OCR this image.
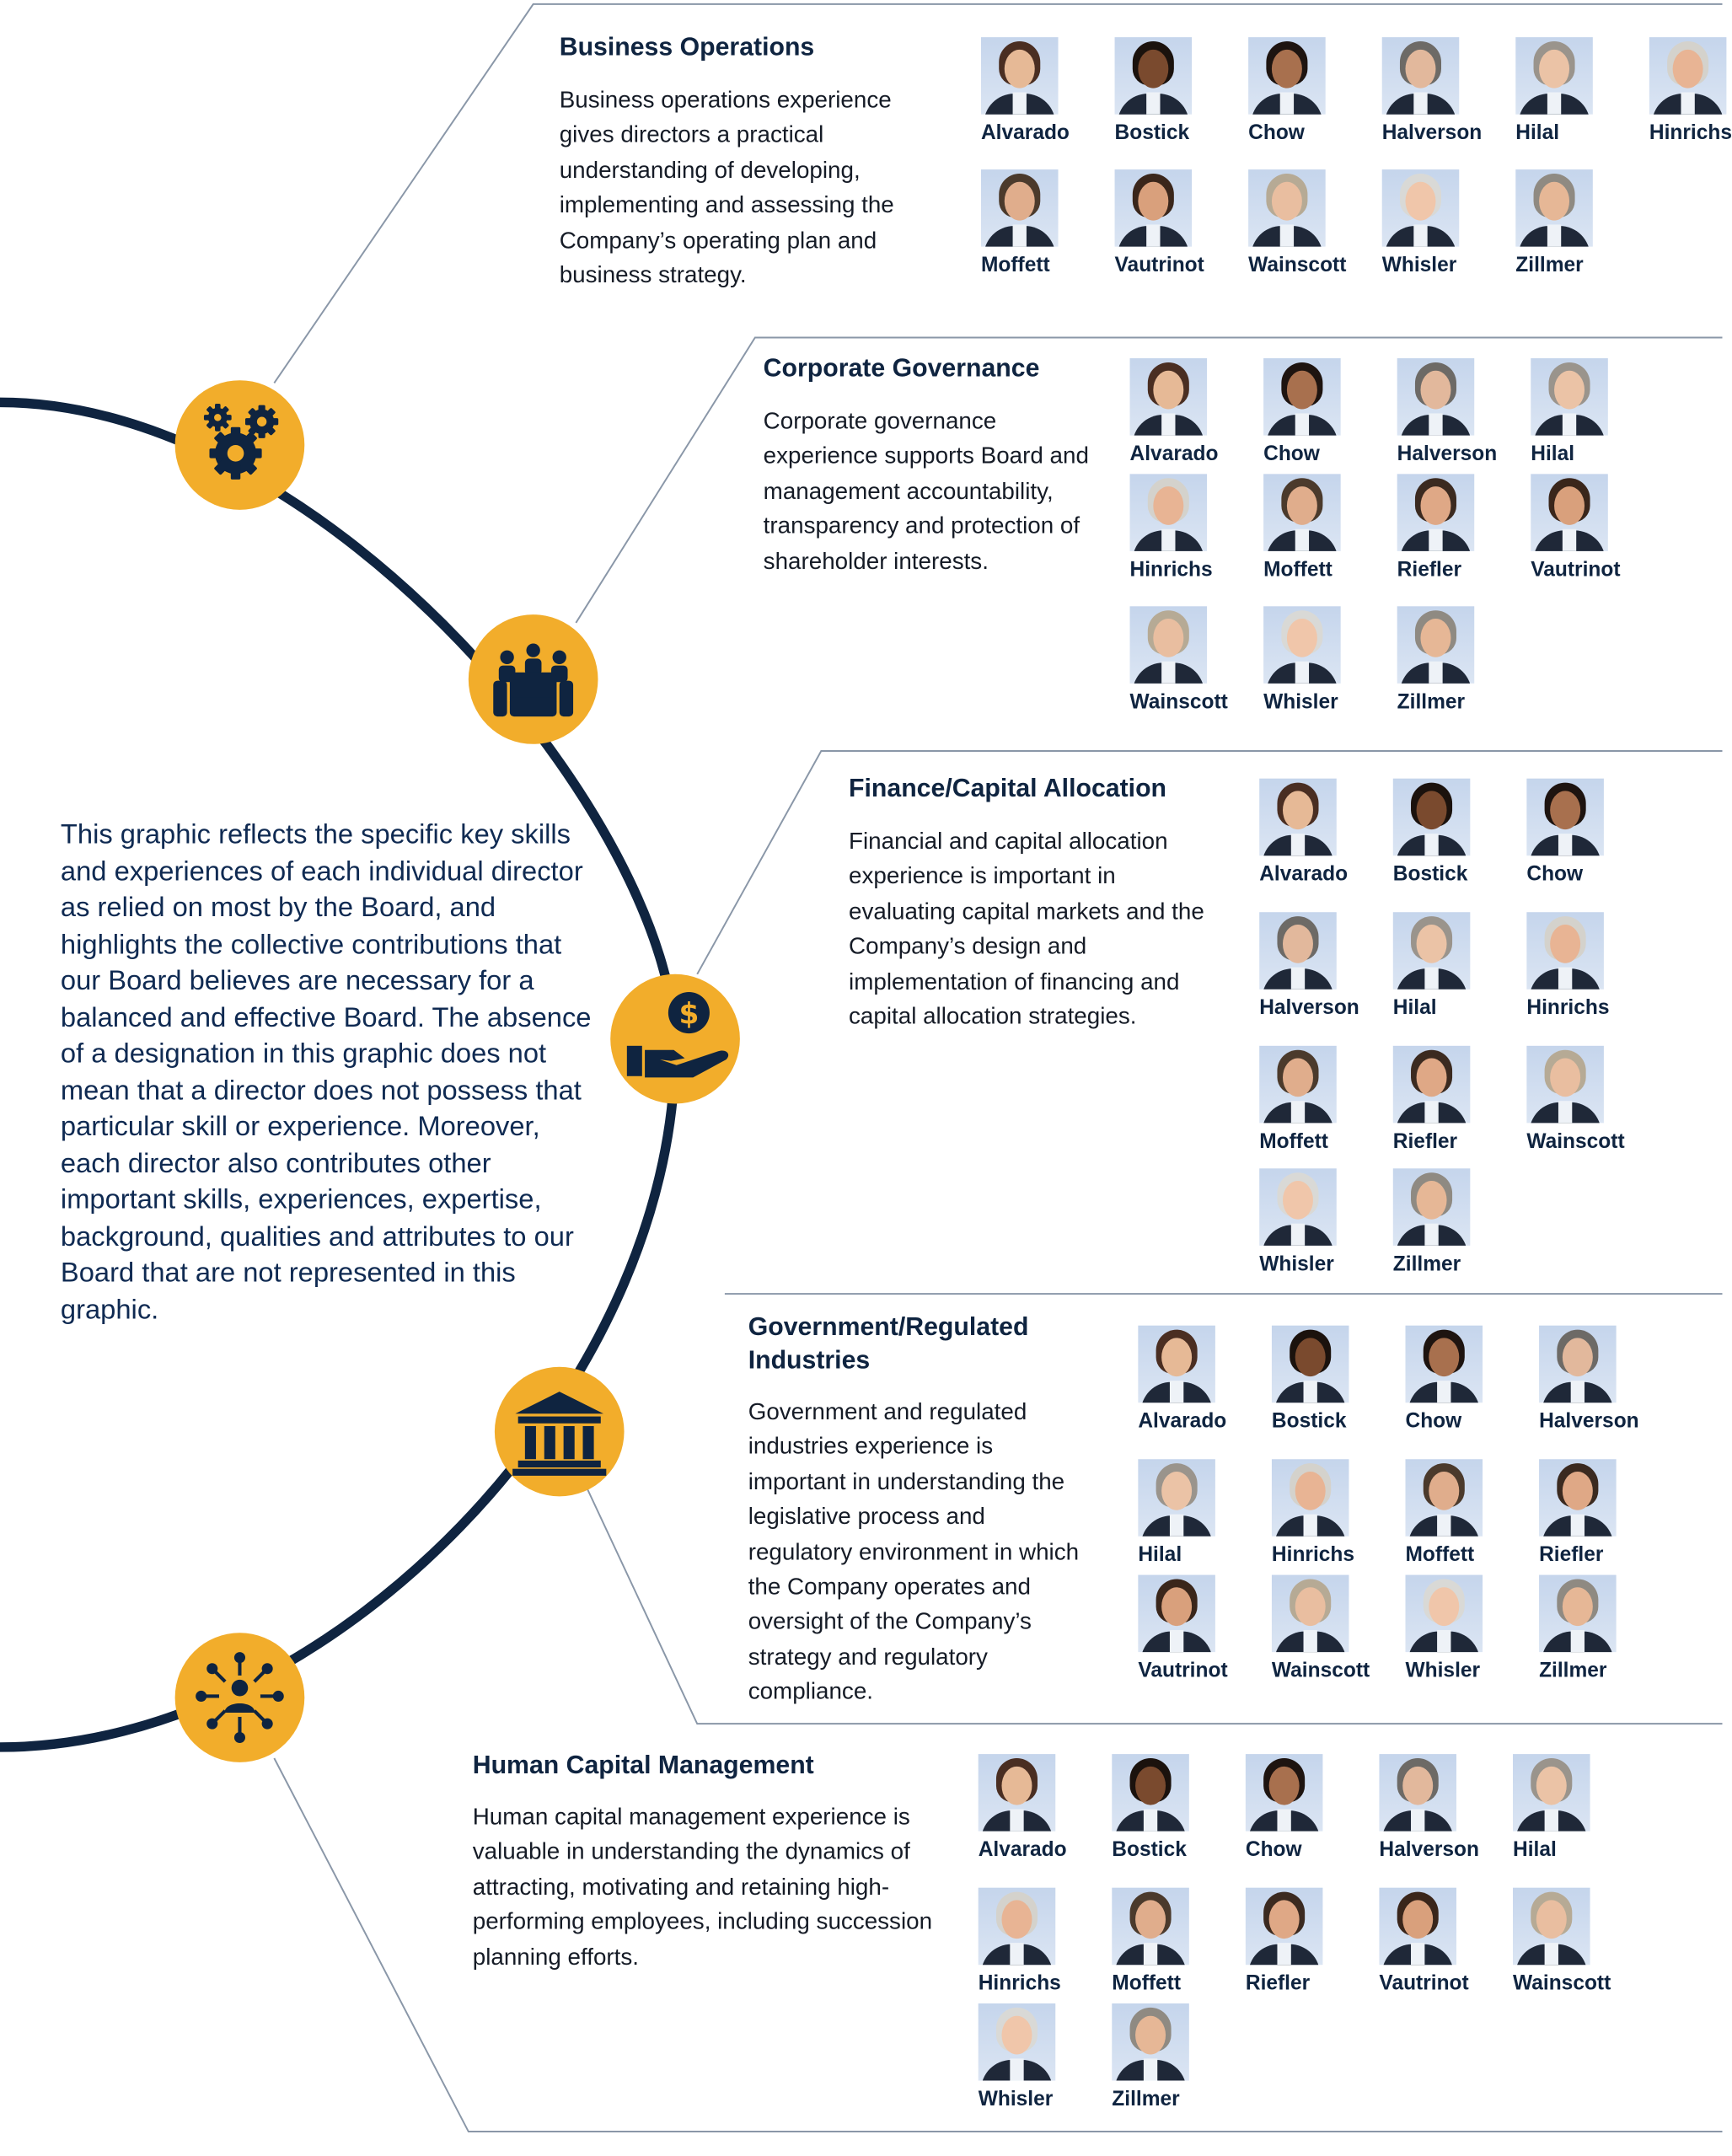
$

This graphic reflects the specific key skills and experiences of each individual director as relied on most by the Board, and highlights the collective contributions that our Board believes are necessary for a balanced and effective Board. The absence of a designation in this graphic does not mean that a director does not possess that particular skill or experience. Moreover, each director also contributes other important skills, experiences, expertise, background, qualities and attributes to our Board that are not represented in this graphic.

Business Operations

Business operations experience gives directors a practical understanding of developing, implementing and assessing the Company’s operating plan and business strategy.

Alvarado	Bostick	Chow	Halverson	Hilal	Hinrichs
Moffett	Vautrinot	Wainscott	Whisler	Zillmer
Corporate Governance

Corporate governance experience supports Board and management accountability, transparency and protection of shareholder interests.

Alvarado	Chow	Halverson	Hilal
Hinrichs	Moffett	Riefler	Vautrinot
Wainscott	Whisler	Zillmer
Finance/Capital Allocation

Financial and capital allocation experience is important in evaluating capital markets and the Company’s design and implementation of financing and capital allocation strategies.

Alvarado	Bostick	Chow
Halverson	Hilal	Hinrichs
Moffett	Riefler	Wainscott
Whisler	Zillmer
Government/Regulated Industries

Government and regulated industries experience is important in understanding the legislative process and regulatory environment in which the Company operates and oversight of the Company’s strategy and regulatory compliance.

Alvarado	Bostick	Chow	Halverson
Hilal	Hinrichs	Moffett	Riefler
Vautrinot	Wainscott	Whisler	Zillmer
Human Capital Management

Human capital management experience is valuable in understanding the dynamics of attracting, motivating and retaining high-performing employees, including succession planning efforts.

Alvarado	Bostick	Chow	Halverson	Hilal
Hinrichs	Moffett	Riefler	Vautrinot	Wainscott
Whisler	Zillmer
